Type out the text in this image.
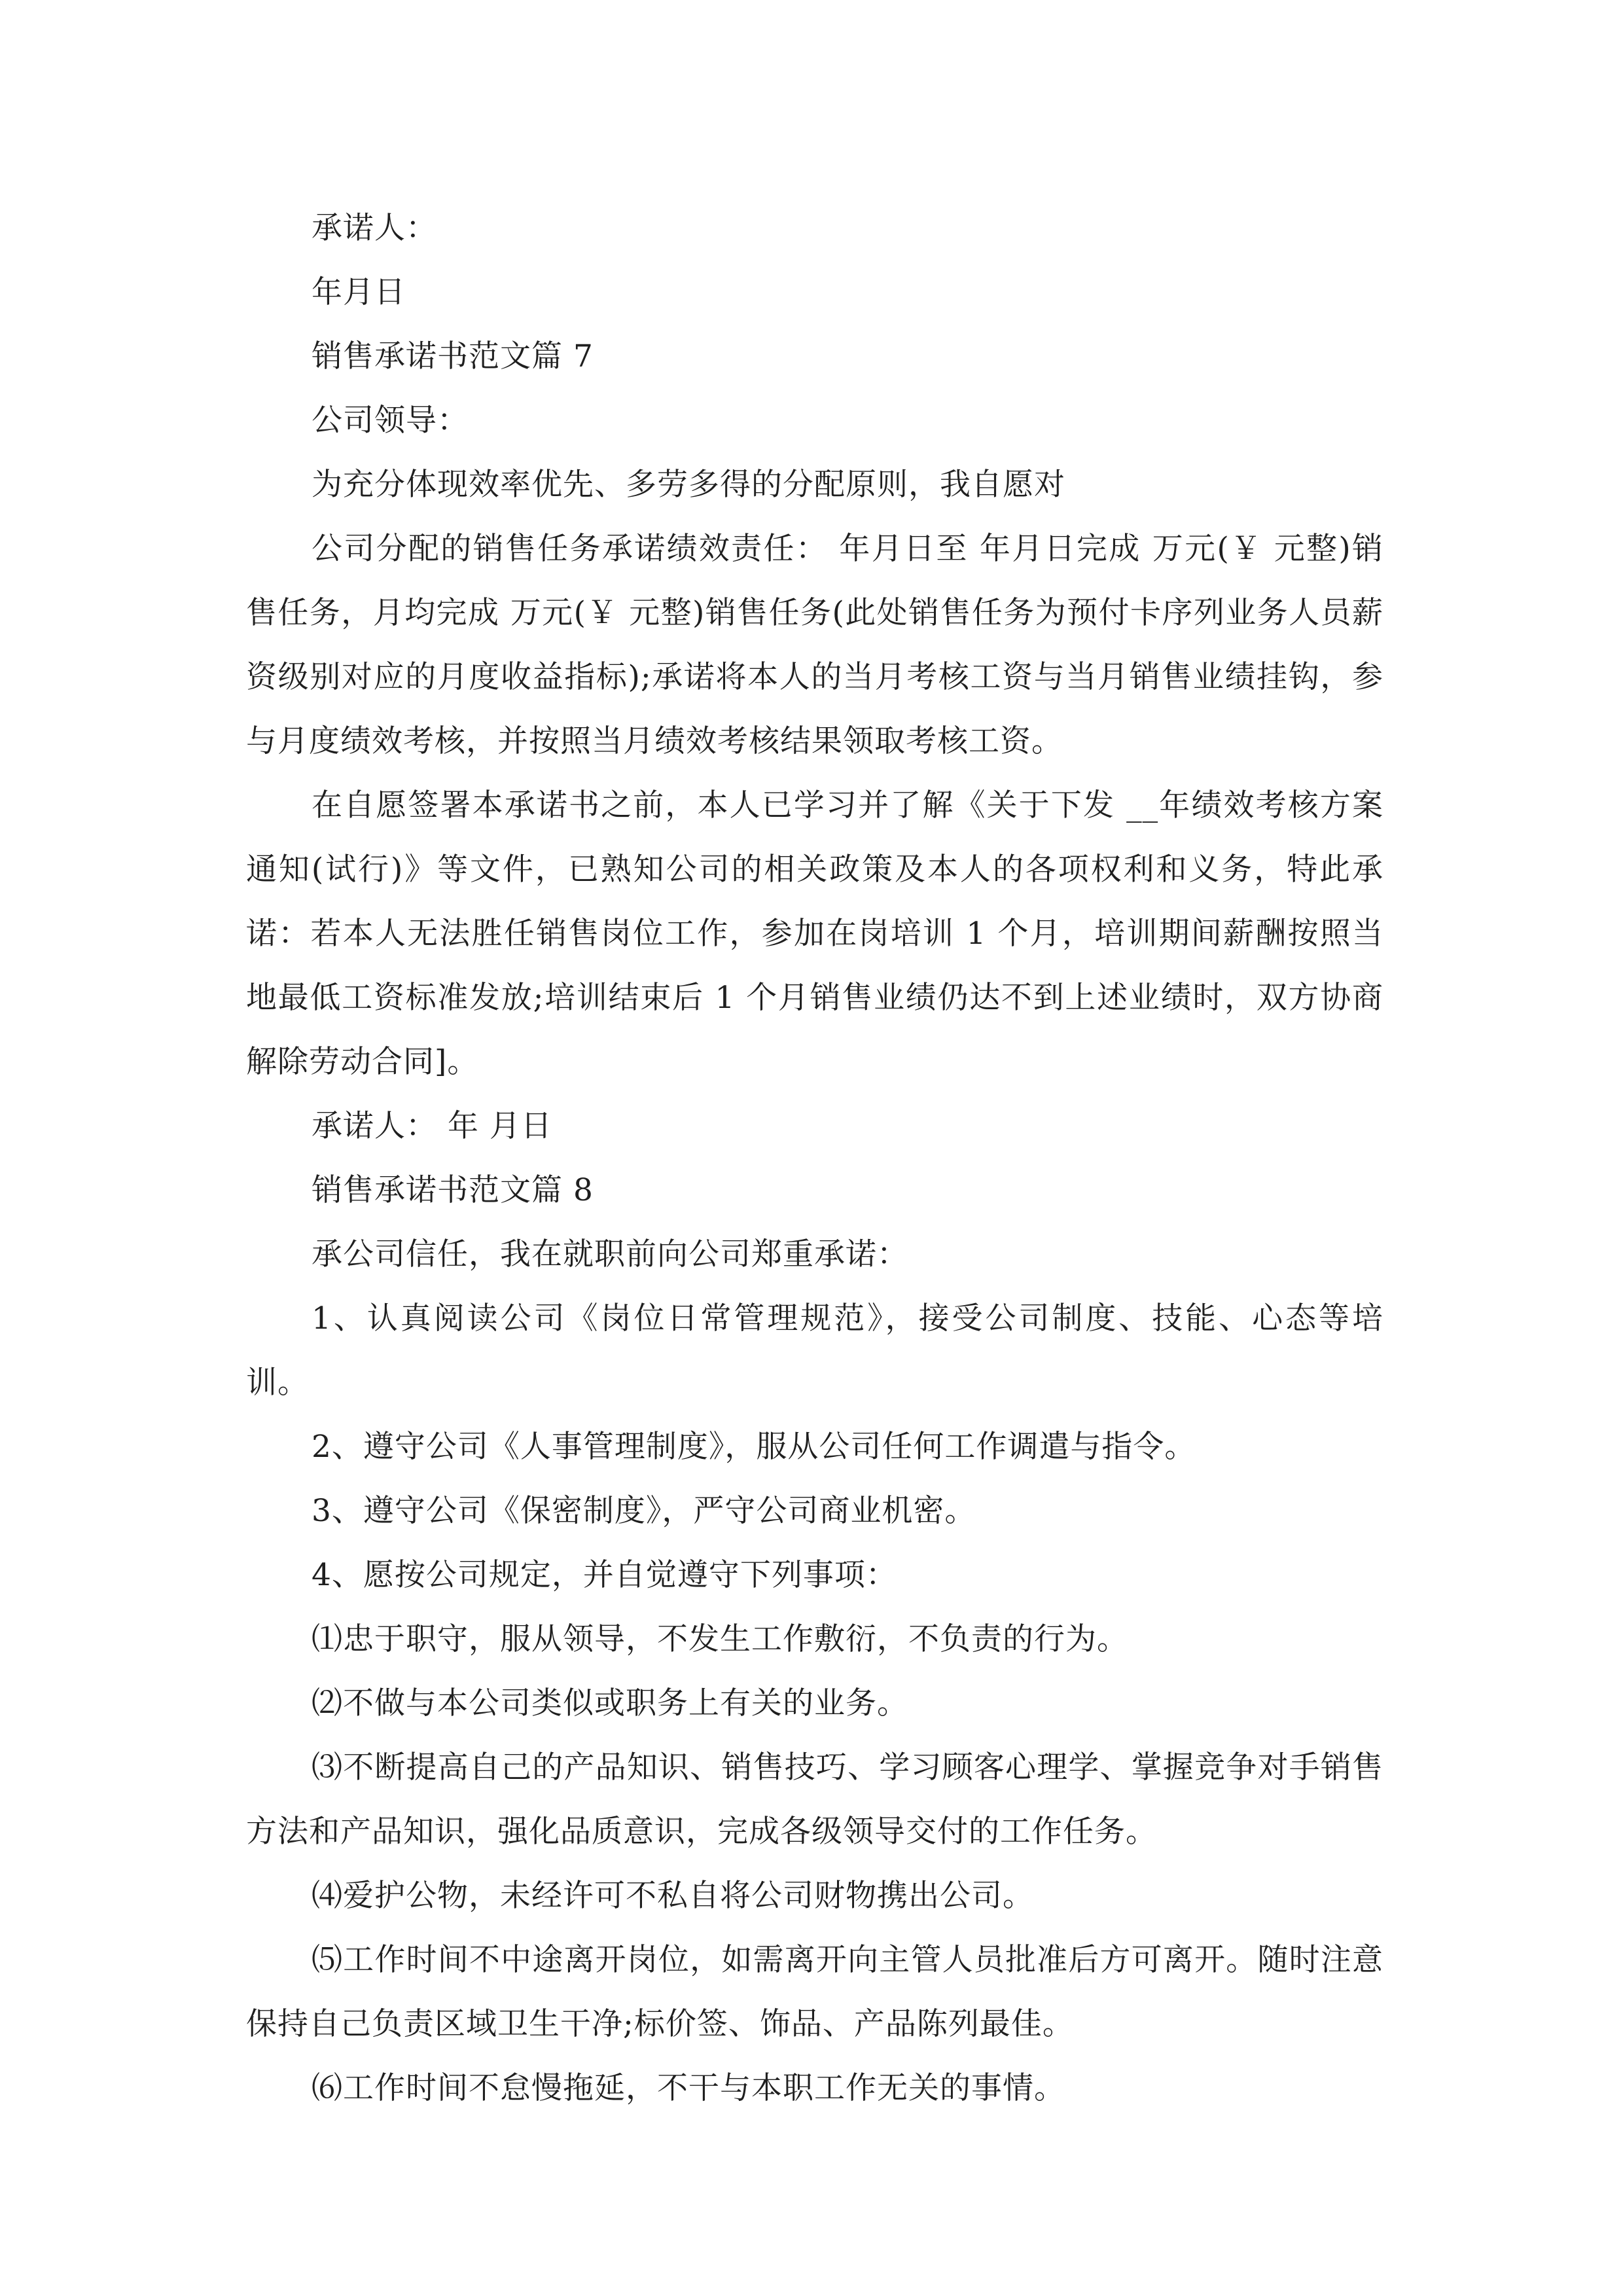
承诺人：

年月日

销售承诺书范文篇 7

公司领导：

为充分体现效率优先、多劳多得的分配原则，我自愿对

公司分配的销售任务承诺绩效责任： 年月日至 年月日完成 万元(￥ 元整)销售任务，月均完成 万元(￥ 元整)销售任务(此处销售任务为预付卡序列业务人员薪资级别对应的月度收益指标);承诺将本人的当月考核工资与当月销售业绩挂钩，参与月度绩效考核，并按照当月绩效考核结果领取考核工资。

在自愿签署本承诺书之前，本人已学习并了解《关于下发 __年绩效考核方案通知(试行)》等文件，已熟知公司的相关政策及本人的各项权利和义务，特此承诺：若本人无法胜任销售岗位工作，参加在岗培训 1 个月，培训期间薪酬按照当地最低工资标准发放;培训结束后 1 个月销售业绩仍达不到上述业绩时，双方协商解除劳动合同]。

承诺人： 年 月日

销售承诺书范文篇 8

承公司信任，我在就职前向公司郑重承诺：

1、认真阅读公司《岗位日常管理规范》，接受公司制度、技能、心态等培训。

2、遵守公司《人事管理制度》，服从公司任何工作调遣与指令。

3、遵守公司《保密制度》，严守公司商业机密。

4、愿按公司规定，并自觉遵守下列事项：

⑴忠于职守，服从领导，不发生工作敷衍，不负责的行为。

⑵不做与本公司类似或职务上有关的业务。

⑶不断提高自己的产品知识、销售技巧、学习顾客心理学、掌握竞争对手销售方法和产品知识，强化品质意识，完成各级领导交付的工作任务。

⑷爱护公物，未经许可不私自将公司财物携出公司。

⑸工作时间不中途离开岗位，如需离开向主管人员批准后方可离开。随时注意保持自己负责区域卫生干净;标价签、饰品、产品陈列最佳。

⑹工作时间不怠慢拖延，不干与本职工作无关的事情。
